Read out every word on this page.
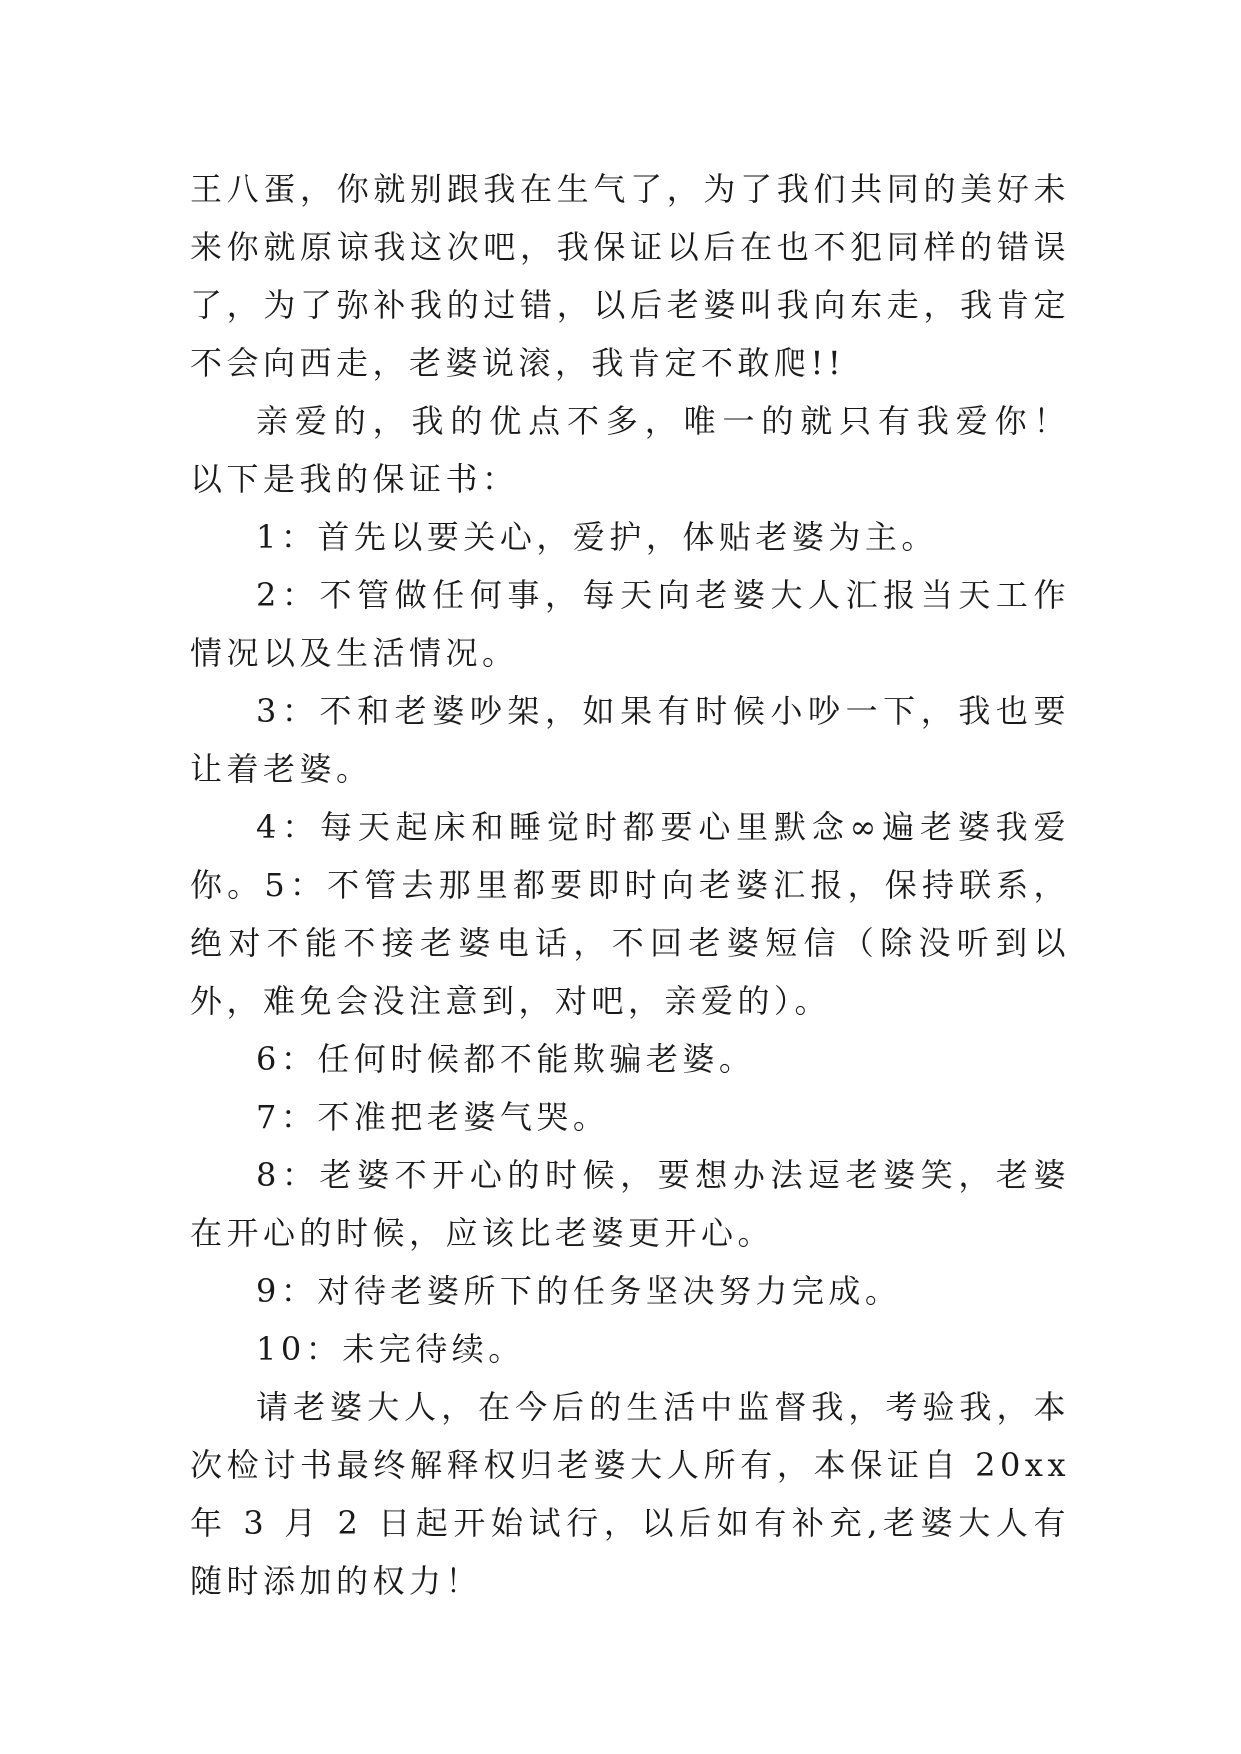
王八蛋，你就别跟我在生气了，为了我们共同的美好未来你就原谅我这次吧，我保证以后在也不犯同样的错误了，为了弥补我的过错，以后老婆叫我向东走，我肯定不会向西走，老婆说滚，我肯定不敢爬!!

亲爱的，我的优点不多，唯一的就只有我爱你！ 以下是我的保证书：

1：首先以要关心，爱护，体贴老婆为主。

2：不管做任何事，每天向老婆大人汇报当天工作情况以及生活情况。

3：不和老婆吵架，如果有时候小吵一下，我也要让着老婆。

4：每天起床和睡觉时都要心里默念∞遍老婆我爱你。5：不管去那里都要即时向老婆汇报，保持联系，绝对不能不接老婆电话，不回老婆短信（除没听到以外，难免会没注意到，对吧，亲爱的）。

6：任何时候都不能欺骗老婆。

7：不准把老婆气哭。

8：老婆不开心的时候，要想办法逗老婆笑，老婆在开心的时候，应该比老婆更开心。

9：对待老婆所下的任务坚决努力完成。

10：未完待续。

请老婆大人，在今后的生活中监督我，考验我，本次检讨书最终解释权归老婆大人所有，本保证自 20xx 年 3 月 2 日起开始试行，以后如有补充,老婆大人有随时添加的权力！
